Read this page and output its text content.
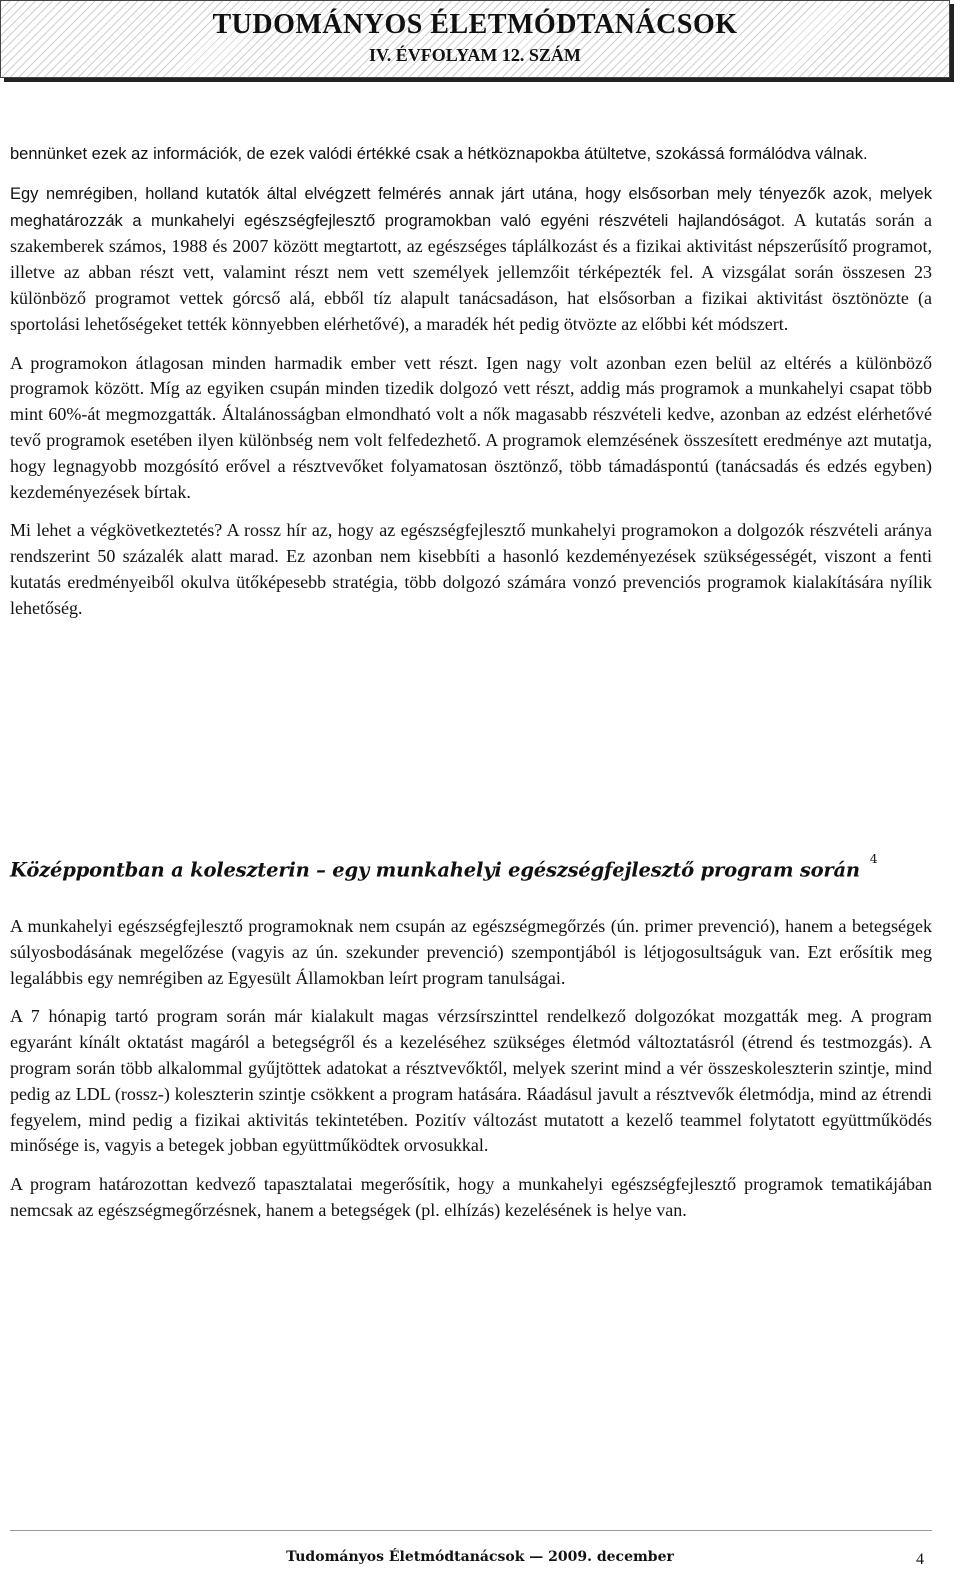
TUDOMÁNYOS ÉLETMÓDTANÁCSOK
IV. ÉVFOLYAM 12. SZÁM

bennünket ezek az információk, de ezek valódi értékké csak a hétköznapokba átültetve, szokássá formálódva válnak.

Egy nemrégiben, holland kutatók által elvégzett felmérés annak járt utána, hogy elsősorban mely tényezők azok, melyek meghatározzák a munkahelyi egészségfejlesztő programokban való egyéni részvételi hajlandóságot. A kutatás során a szakemberek számos, 1988 és 2007 között megtartott, az egészséges táplálkozást és a fizikai aktivitást népszerűsítő programot, illetve az abban részt vett, valamint részt nem vett személyek jellemzőit térképezték fel. A vizsgálat során összesen 23 különböző programot vettek górcső alá, ebből tíz alapult tanácsadáson, hat elsősorban a fizikai aktivitást ösztönözte (a sportolási lehetőségeket tették könnyebben elérhetővé), a maradék hét pedig ötvözte az előbbi két módszert.

A programokon átlagosan minden harmadik ember vett részt. Igen nagy volt azonban ezen belül az eltérés a különböző programok között. Míg az egyiken csupán minden tizedik dolgozó vett részt, addig más programok a munkahelyi csapat több mint 60%-át megmozgatták. Általánosságban elmondható volt a nők magasabb részvételi kedve, azonban az edzést elérhetővé tevő programok esetében ilyen különbség nem volt felfedezhető. A programok elemzésének összesített eredménye azt mutatja, hogy legnagyobb mozgósító erővel a résztvevőket folyamatosan ösztönző, több támadáspontú (tanácsadás és edzés egyben) kezdeményezések bírtak.

Mi lehet a végkövetkeztetés? A rossz hír az, hogy az egészségfejlesztő munkahelyi programokon a dolgozók részvételi aránya rendszerint 50 százalék alatt marad. Ez azonban nem kisebbíti a hasonló kezdeményezések szükségességét, viszont a fenti kutatás eredményeiből okulva ütőképesebb stratégia, több dolgozó számára vonzó prevenciós programok kialakítására nyílik lehetőség.

Középpontban a koleszterin – egy munkahelyi egészségfejlesztő program során $^4$

A munkahelyi egészségfejlesztő programoknak nem csupán az egészségmegőrzés (ún. primer prevenció), hanem a betegségek súlyosbodásának megelőzése (vagyis az ún. szekunder prevenció) szempontjából is létjogosultságuk van. Ezt erősítik meg legalábbis egy nemrégiben az Egyesült Államokban leírt program tanulságai.

A 7 hónapig tartó program során már kialakult magas vérzsírszinttel rendelkező dolgozókat mozgatták meg. A program egyaránt kínált oktatást magáról a betegségről és a kezeléséhez szükséges életmód változtatásról (étrend és testmozgás). A program során több alkalommal gyűjtöttek adatokat a résztvevőktől, melyek szerint mind a vér összeskoleszterin szintje, mind pedig az LDL (rossz-) koleszterin szintje csökkent a program hatására. Ráadásul javult a résztvevők életmódja, mind az étrendi fegyelem, mind pedig a fizikai aktivitás tekintetében. Pozitív változást mutatott a kezelő teammel folytatott együttműködés minősége is, vagyis a betegek jobban együttműködtek orvosukkal.

A program határozottan kedvező tapasztalatai megerősítik, hogy a munkahelyi egészségfejlesztő programok tematikájában nemcsak az egészségmegőrzésnek, hanem a betegségek (pl. elhízás) kezelésének is helye van.

Tudományos Életmódtanácsok — 2009. december	4
